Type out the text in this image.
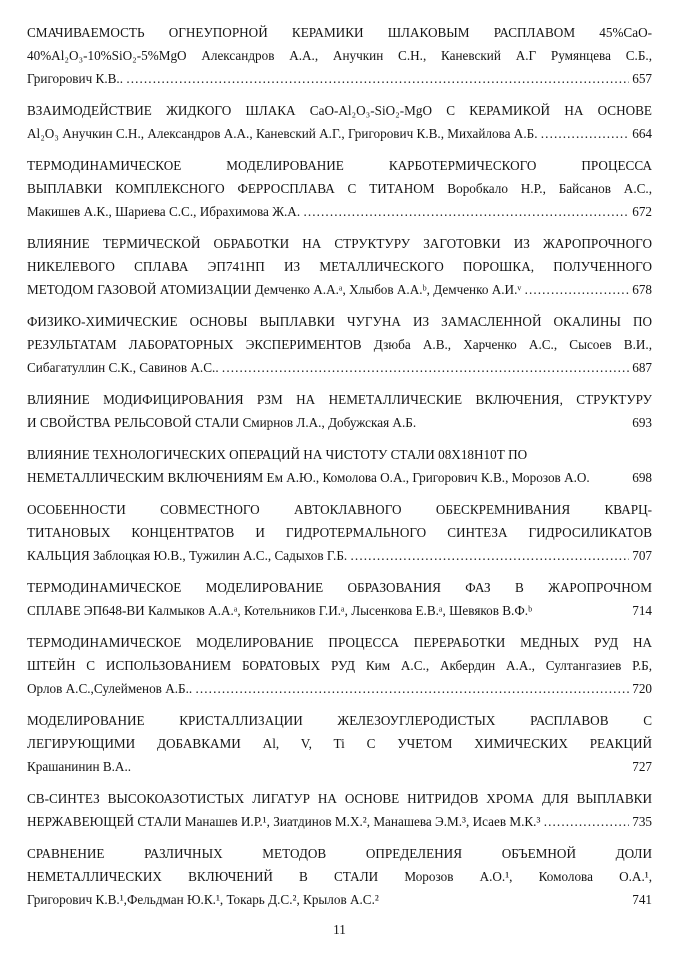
СМАЧИВАЕМОСТЬ ОГНЕУПОРНОЙ КЕРАМИКИ ШЛАКОВЫМ РАСПЛАВОМ 45%CaO-
40%Al₂O₃-10%SiO₂-5%MgO Александров А.А., Анучкин С.Н., Каневский А.Г Румянцева С.Б.,
Григорович К.В.. .....	657
ВЗАИМОДЕЙСТВИЕ ЖИДКОГО ШЛАКА CaO-Al₂O₃-SiO₂-MgO С КЕРАМИКОЙ НА ОСНОВЕ
Al₂O₃ Анучкин С.Н., Александров А.А., Каневский А.Г., Григорович К.В., Михайлова А.Б. .....	664
ТЕРМОДИНАМИЧЕСКОЕ МОДЕЛИРОВАНИЕ КАРБОТЕРМИЧЕСКОГО ПРОЦЕССА
ВЫПЛАВКИ КОМПЛЕКСНОГО ФЕРРОСПЛАВА С ТИТАНОМ Воробкало Н.Р., Байсанов А.С.,
Макишев А.К., Шариева С.С., Ибрахимова Ж.А. .....	672
ВЛИЯНИЕ ТЕРМИЧЕСКОЙ ОБРАБОТКИ НА СТРУКТУРУ ЗАГОТОВКИ ИЗ ЖАРОПРОЧНОГО
НИКЕЛЕВОГО СПЛАВА ЭП741НП ИЗ МЕТАЛЛИЧЕСКОГО ПОРОШКА, ПОЛУЧЕННОГО
МЕТОДОМ ГАЗОВОЙ АТОМИЗАЦИИ Демченко А.А.ᵃ, Хлыбов А.А.ᵇ, Демченко А.И.ᵛ .....	678
ФИЗИКО-ХИМИЧЕСКИЕ ОСНОВЫ ВЫПЛАВКИ ЧУГУНА ИЗ ЗАМАСЛЕННОЙ ОКАЛИНЫ ПО
РЕЗУЛЬТАТАМ ЛАБОРАТОРНЫХ ЭКСПЕРИМЕНТОВ Дзюба А.В., Харченко А.С., Сысоев В.И.,
Сибагатуллин С.К., Савинов А.С.. .....	687
ВЛИЯНИЕ МОДИФИЦИРОВАНИЯ РЗМ НА НЕМЕТАЛЛИЧЕСКИЕ ВКЛЮЧЕНИЯ, СТРУКТУРУ
И СВОЙСТВА РЕЛЬСОВОЙ СТАЛИ Смирнов Л.А., Добужская А.Б.	693
ВЛИЯНИЕ ТЕХНОЛОГИЧЕСКИХ ОПЕРАЦИЙ НА ЧИСТОТУ СТАЛИ 08Х18Н10Т ПО
НЕМЕТАЛЛИЧЕСКИМ ВКЛЮЧЕНИЯМ Ем А.Ю., Комолова О.А., Григорович К.В., Морозов А.О.	698
ОСОБЕННОСТИ СОВМЕСТНОГО АВТОКЛАВНОГО ОБЕСКРЕМНИВАНИЯ КВАРЦ-
ТИТАНОВЫХ КОНЦЕНТРАТОВ И ГИДРОТЕРМАЛЬНОГО СИНТЕЗА ГИДРОСИЛИКАТОВ
КАЛЬЦИЯ Заблоцкая Ю.В., Тужилин А.С., Садыхов Г.Б. .....	707
ТЕРМОДИНАМИЧЕСКОЕ МОДЕЛИРОВАНИЕ ОБРАЗОВАНИЯ ФАЗ В ЖАРОПРОЧНОМ
СПЛАВЕ ЭП648-ВИ Калмыков А.А.ᵃ, Котельников Г.И.ᵃ, Лысенкова Е.В.ᵃ, Шевяков В.Ф.ᵇ	714
ТЕРМОДИНАМИЧЕСКОЕ МОДЕЛИРОВАНИЕ ПРОЦЕССА ПЕРЕРАБОТКИ МЕДНЫХ РУД НА
ШТЕЙН С ИСПОЛЬЗОВАНИЕМ БОРАТОВЫХ РУД Ким А.С., Акбердин А.А., Султангазиев Р.Б,
Орлов А.С.,Сулейменов А.Б.. .....	720
МОДЕЛИРОВАНИЕ КРИСТАЛЛИЗАЦИИ ЖЕЛЕЗОУГЛЕРОДИСТЫХ РАСПЛАВОВ С
ЛЕГИРУЮЩИМИ ДОБАВКАМИ Al, V, Ti С УЧЕТОМ ХИМИЧЕСКИХ РЕАКЦИЙ
Крашанинин В.А..	727
СВ-СИНТЕЗ ВЫСОКОАЗОТИСТЫХ ЛИГАТУР НА ОСНОВЕ НИТРИДОВ ХРОМА ДЛЯ ВЫПЛАВКИ
НЕРЖАВЕЮЩЕЙ СТАЛИ Манашев И.Р.¹, Зиатдинов М.Х.², Манашева Э.М.³, Исаев М.К.³ .....	735
СРАВНЕНИЕ РАЗЛИЧНЫХ МЕТОДОВ ОПРЕДЕЛЕНИЯ ОБЪЕМНОЙ ДОЛИ
НЕМЕТАЛЛИЧЕСКИХ ВКЛЮЧЕНИЙ В СТАЛИ Морозов А.О.¹, Комолова О.А.¹,
Григорович К.В.¹,Фельдман Ю.К.¹, Токарь Д.С.², Крылов А.С.²	741
11
